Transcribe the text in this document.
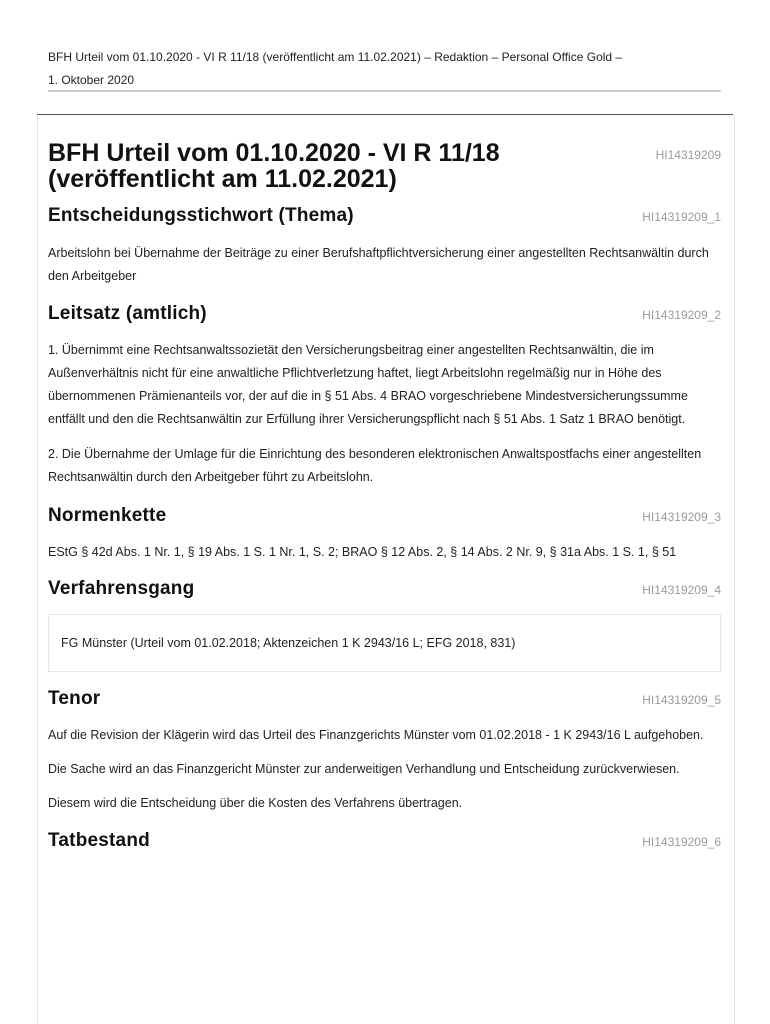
BFH Urteil vom 01.10.2020 - VI R 11/18 (veröffentlicht am 11.02.2021) – Redaktion – Personal Office Gold –
1. Oktober 2020
BFH Urteil vom 01.10.2020 - VI R 11/18 (veröffentlicht am 11.02.2021)
HI14319209
Entscheidungsstichwort (Thema)	HI14319209_1

Arbeitslohn bei Übernahme der Beiträge zu einer Berufshaftpflichtversicherung einer angestellten Rechtsanwältin durch den Arbeitgeber

Leitsatz (amtlich)	HI14319209_2

1. Übernimmt eine Rechtsanwaltssozietät den Versicherungsbeitrag einer angestellten Rechtsanwältin, die im Außenverhältnis nicht für eine anwaltliche Pflichtverletzung haftet, liegt Arbeitslohn regelmäßig nur in Höhe des übernommenen Prämienanteils vor, der auf die in § 51 Abs. 4 BRAO vorgeschriebene Mindestversicherungssumme entfällt und den die Rechtsanwältin zur Erfüllung ihrer Versicherungspflicht nach § 51 Abs. 1 Satz 1 BRAO benötigt.

2. Die Übernahme der Umlage für die Einrichtung des besonderen elektronischen Anwaltspostfachs einer angestellten Rechtsanwältin durch den Arbeitgeber führt zu Arbeitslohn.

Normenkette	HI14319209_3

EStG § 42d Abs. 1 Nr. 1, § 19 Abs. 1 S. 1 Nr. 1, S. 2; BRAO § 12 Abs. 2, § 14 Abs. 2 Nr. 9, § 31a Abs. 1 S. 1, § 51

Verfahrensgang	HI14319209_4
FG Münster (Urteil vom 01.02.2018; Aktenzeichen 1 K 2943/16 L; EFG 2018, 831)
Tenor	HI14319209_5

Auf die Revision der Klägerin wird das Urteil des Finanzgerichts Münster vom 01.02.2018 - 1 K 2943/16 L aufgehoben.

Die Sache wird an das Finanzgericht Münster zur anderweitigen Verhandlung und Entscheidung zurückverwiesen.

Diesem wird die Entscheidung über die Kosten des Verfahrens übertragen.

Tatbestand	HI14319209_6
